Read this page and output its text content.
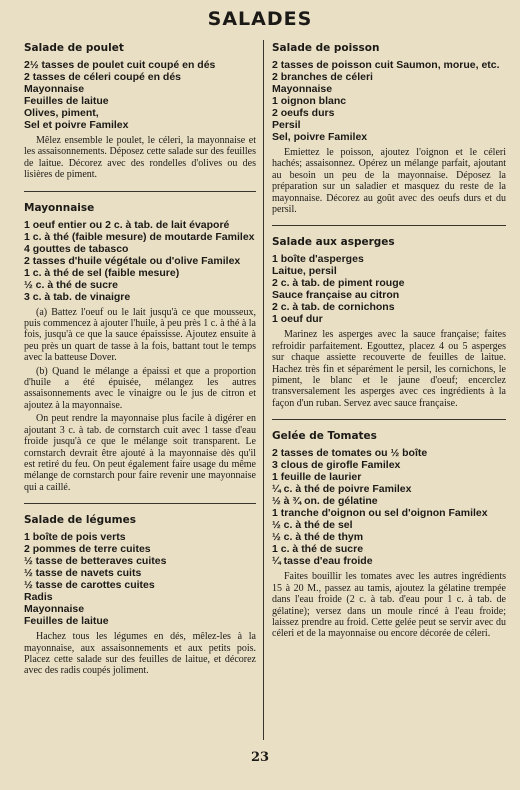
SALADES
Salade de poulet
2½ tasses de poulet cuit coupé en dés
2 tasses de céleri coupé en dés
Mayonnaise
Feuilles de laitue
Olives, piment,
Sel et poivre Familex

Mêlez ensemble le poulet, le céleri, la mayonnaise et les assaisonnements. Déposez cette salade sur des feuilles de laitue. Décorez avec des rondelles d'olives ou des lisières de piment.

Mayonnaise
1 oeuf entier ou 2 c. à tab. de lait évaporé
1 c. à thé (faible mesure) de moutarde Familex
4 gouttes de tabasco
2 tasses d'huile végétale ou d'olive Familex
1 c. à thé de sel (faible mesure)
½ c. à thé de sucre
3 c. à tab. de vinaigre

(a) Battez l'oeuf ou le lait jusqu'à ce que mousseux, puis commencez à ajouter l'huile, à peu près 1 c. à thé à la fois, jusqu'à ce que la sauce épaississe. Ajoutez ensuite à peu près un quart de tasse à la fois, battant tout le temps avec la batteuse Dover.

(b) Quand le mélange a épaissi et que a proportion d'huile a été épuisée, mélangez les autres assaisonnements avec le vinaigre ou le jus de citron et ajoutez à la mayonnaise.

On peut rendre la mayonnaise plus facile à digérer en ajoutant 3 c. à tab. de cornstarch cuit avec 1 tasse d'eau froide jusqu'à ce que le mélange soit transparent. Le cornstarch devrait être ajouté à la mayonnaise dès qu'il est retiré du feu. On peut également faire usage du même mélange de cornstarch pour faire revenir une mayonnaise qui a caillé.

Salade de légumes
1 boîte de pois verts
2 pommes de terre cuites
½ tasse de betteraves cuites
½ tasse de navets cuits
½ tasse de carottes cuites
Radis
Mayonnaise
Feuilles de laitue

Hachez tous les légumes en dés, mêlez-les à la mayonnaise, aux assaisonnements et aux petits pois. Placez cette salade sur des feuilles de laitue, et décorez avec des radis coupés joliment.

Salade de poisson
2 tasses de poisson cuit Saumon, morue, etc.
2 branches de céleri
Mayonnaise
1 oignon blanc
2 oeufs durs
Persil
Sel, poivre Familex

Emiettez le poisson, ajoutez l'oignon et le céleri hachés; assaisonnez. Opérez un mélange parfait, ajoutant au besoin un peu de la mayonnaise. Déposez la préparation sur un saladier et masquez du reste de la mayonnaise. Décorez au goût avec des oeufs durs et du persil.

Salade aux asperges
1 boîte d'asperges
Laitue, persil
2 c. à tab. de piment rouge
Sauce française au citron
2 c. à tab. de cornichons
1 oeuf dur

Marinez les asperges avec la sauce française; faites refroidir parfaitement. Egouttez, placez 4 ou 5 asperges sur chaque assiette recouverte de feuilles de laitue. Hachez très fin et séparément le persil, les cornichons, le piment, le blanc et le jaune d'oeuf; encerclez transversalement les asperges avec ces ingrédients à la façon d'un ruban. Servez avec sauce française.

Gelée de Tomates
2 tasses de tomates ou ½ boîte
3 clous de girofle Familex
1 feuille de laurier
¼ c. à thé de poivre Familex
½ à ¾ on. de gélatine
1 tranche d'oignon ou sel d'oignon Familex
½ c. à thé de sel
½ c. à thé de thym
1 c. à thé de sucre
¼ tasse d'eau froide

Faites bouillir les tomates avec les autres ingrédients 15 à 20 M., passez au tamis, ajoutez la gélatine trempée dans l'eau froide (2 c. à tab. d'eau pour 1 c. à tab. de gélatine); versez dans un moule rincé à l'eau froide; laissez prendre au froid. Cette gelée peut se servir avec du céleri et de la mayonnaise ou encore décorée de céleri.

23
